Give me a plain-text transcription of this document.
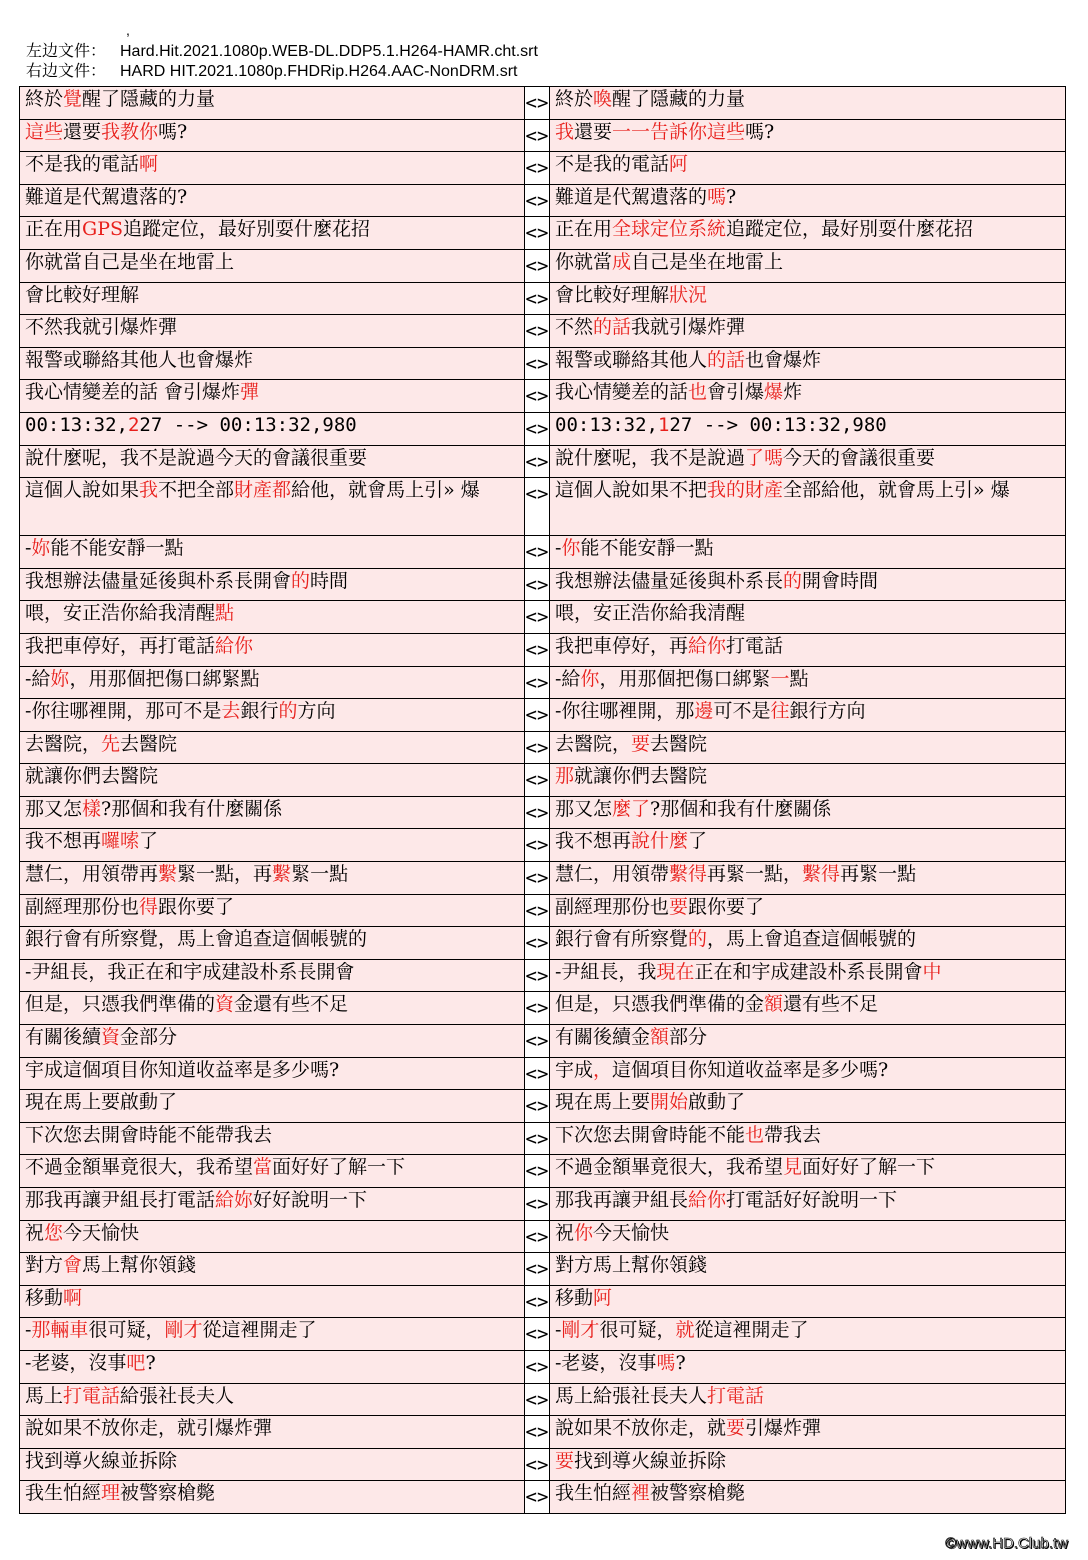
,
左边文件： Hard.Hit.2021.1080p.WEB-DL.DDP5.1.H264-HAMR.cht.srt
右边文件： HARD HIT.2021.1080p.FHDRip.H264.AAC-NonDRM.srt
終於覺醒了隱藏的力量	<>	終於喚醒了隱藏的力量
這些還要我教你嗎?	<>	我還要一一告訴你這些嗎?
不是我的電話啊	<>	不是我的電話阿
難道是代駕遺落的?	<>	難道是代駕遺落的嗎?
正在用GPS追蹤定位，最好別耍什麼花招	<>	正在用全球定位系統追蹤定位，最好別耍什麼花招
你就當自己是坐在地雷上	<>	你就當成自己是坐在地雷上
會比較好理解	<>	會比較好理解狀況
不然我就引爆炸彈	<>	不然的話我就引爆炸彈
報警或聯絡其他人也會爆炸	<>	報警或聯絡其他人的話也會爆炸
我心情變差的話 會引爆炸彈	<>	我心情變差的話也會引爆爆炸
00:13:32,227 --> 00:13:32,980	<>	00:13:32,127 --> 00:13:32,980
說什麼呢，我不是說過今天的會議很重要	<>	說什麼呢，我不是說過了嗎今天的會議很重要
這個人說如果我不把全部財產都給他，就會馬上引» 爆	<>	這個人說如果不把我的財產全部給他，就會馬上引» 爆
-妳能不能安靜一點	<>	-你能不能安靜一點
我想辦法儘量延後與朴系長開會的時間	<>	我想辦法儘量延後與朴系長的開會時間
喂，安正浩你給我清醒點	<>	喂，安正浩你給我清醒
我把車停好，再打電話給你	<>	我把車停好，再給你打電話
-給妳，用那個把傷口綁緊點	<>	-給你，用那個把傷口綁緊一點
-你往哪裡開，那可不是去銀行的方向	<>	-你往哪裡開，那邊可不是往銀行方向
去醫院，先去醫院	<>	去醫院，要去醫院
就讓你們去醫院	<>	那就讓你們去醫院
那又怎樣?那個和我有什麼關係	<>	那又怎麼了?那個和我有什麼關係
我不想再囉嗦了	<>	我不想再說什麼了
慧仁，用領帶再繫緊一點，再繫緊一點	<>	慧仁，用領帶繫得再緊一點，繫得再緊一點
副經理那份也得跟你要了	<>	副經理那份也要跟你要了
銀行會有所察覺，馬上會追查這個帳號的	<>	銀行會有所察覺的，馬上會追查這個帳號的
-尹組長，我正在和宇成建設朴系長開會	<>	-尹組長，我現在正在和宇成建設朴系長開會中
但是，只憑我們準備的資金還有些不足	<>	但是，只憑我們準備的金額還有些不足
有關後續資金部分	<>	有關後續金額部分
宇成這個項目你知道收益率是多少嗎?	<>	宇成，這個項目你知道收益率是多少嗎?
現在馬上要啟動了	<>	現在馬上要開始啟動了
下次您去開會時能不能帶我去	<>	下次您去開會時能不能也帶我去
不過金額畢竟很大，我希望當面好好了解一下	<>	不過金額畢竟很大，我希望見面好好了解一下
那我再讓尹組長打電話給妳好好說明一下	<>	那我再讓尹組長給你打電話好好說明一下
祝您今天愉快	<>	祝你今天愉快
對方會馬上幫你領錢	<>	對方馬上幫你領錢
移動啊	<>	移動阿
-那輛車很可疑，剛才從這裡開走了	<>	-剛才很可疑，就從這裡開走了
-老婆，沒事吧?	<>	-老婆，沒事嗎?
馬上打電話給張社長夫人	<>	馬上給張社長夫人打電話
說如果不放你走，就引爆炸彈	<>	說如果不放你走，就要引爆炸彈
找到導火線並拆除	<>	要找到導火線並拆除
我生怕經理被警察槍斃	<>	我生怕經裡被警察槍斃
©www.HD.Club.tw
